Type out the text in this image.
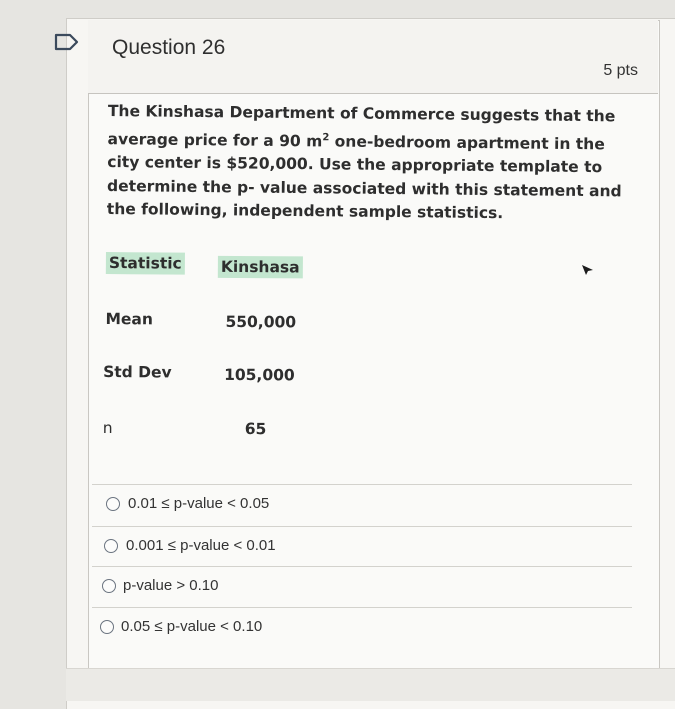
Question 26
5 pts
The Kinshasa Department of Commerce suggests that the average price for a 90 $m^2$ one-bedroom apartment in the city center is $520,000. Use the appropriate template to determine the p- value associated with this statement and the following, independent sample statistics.
Statistic	Kinshasa
Mean	550,000
Std Dev	105,000
n	65
0.01 ≤ p-value < 0.05
0.001 ≤ p-value < 0.01
p-value > 0.10
0.05 ≤ p-value < 0.10
